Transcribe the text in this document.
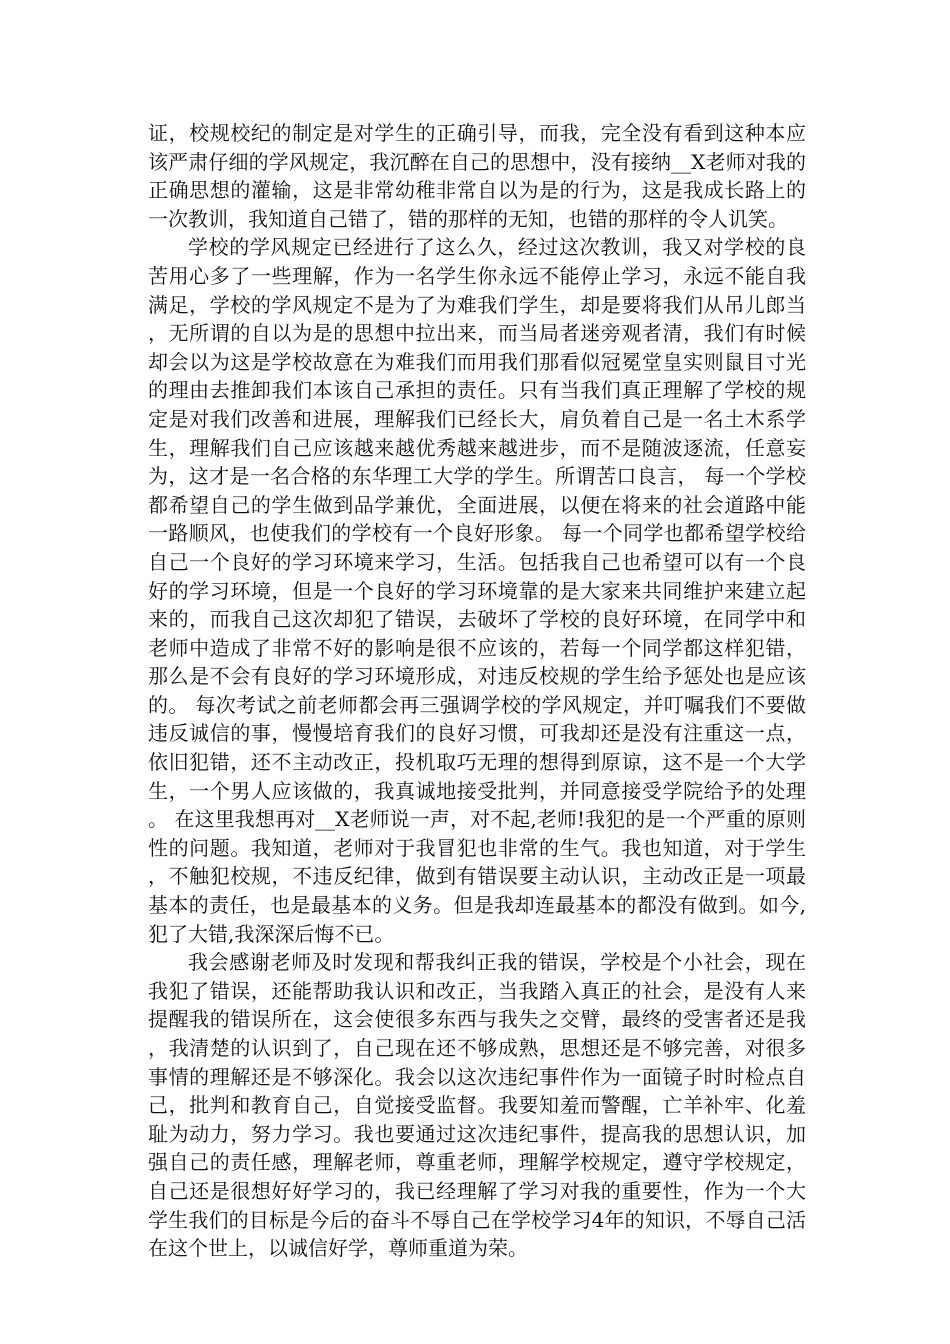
证，校规校纪的制定是对学生的正确引导，而我，完全没有看到这种本应该严肃仔细的学风规定，我沉醉在自己的思想中，没有接纳__X老师对我的正确思想的灌输，这是非常幼稚非常自以为是的行为，这是我成长路上的一次教训，我知道自己错了，错的那样的无知，也错的那样的令人讥笑。

学校的学风规定已经进行了这么久，经过这次教训，我又对学校的良苦用心多了一些理解，作为一名学生你永远不能停止学习，永远不能自我满足，学校的学风规定不是为了为难我们学生，却是要将我们从吊儿郎当，无所谓的自以为是的思想中拉出来，而当局者迷旁观者清，我们有时候却会以为这是学校故意在为难我们而用我们那看似冠冕堂皇实则鼠目寸光的理由去推卸我们本该自己承担的责任。只有当我们真正理解了学校的规定是对我们改善和进展，理解我们已经长大，肩负着自己是一名土木系学生，理解我们自己应该越来越优秀越来越进步，而不是随波逐流，任意妄为，这才是一名合格的东华理工大学的学生。所谓苦口良言， 每一个学校都希望自己的学生做到品学兼优，全面进展，以便在将来的社会道路中能一路顺风，也使我们的学校有一个良好形象。 每一个同学也都希望学校给自己一个良好的学习环境来学习，生活。包括我自己也希望可以有一个良好的学习环境，但是一个良好的学习环境靠的是大家来共同维护来建立起来的，而我自己这次却犯了错误，去破坏了学校的良好环境，在同学中和老师中造成了非常不好的影响是很不应该的，若每一个同学都这样犯错，那么是不会有良好的学习环境形成，对违反校规的学生给予惩处也是应该的。 每次考试之前老师都会再三强调学校的学风规定，并叮嘱我们不要做违反诚信的事，慢慢培育我们的良好习惯，可我却还是没有注重这一点，依旧犯错，还不主动改正，投机取巧无理的想得到原谅，这不是一个大学生，一个男人应该做的，我真诚地接受批判，并同意接受学院给予的处理。 在这里我想再对__X老师说一声，对不起,老师!我犯的是一个严重的原则性的问题。我知道，老师对于我冒犯也非常的生气。我也知道，对于学生，不触犯校规，不违反纪律，做到有错误要主动认识，主动改正是一项最基本的责任，也是最基本的义务。但是我却连最基本的都没有做到。如今,犯了大错,我深深后悔不已。

我会感谢老师及时发现和帮我纠正我的错误，学校是个小社会，现在我犯了错误，还能帮助我认识和改正，当我踏入真正的社会，是没有人来提醒我的错误所在，这会使很多东西与我失之交臂，最终的受害者还是我，我清楚的认识到了，自己现在还不够成熟，思想还是不够完善，对很多事情的理解还是不够深化。我会以这次违纪事件作为一面镜子时时检点自己，批判和教育自己，自觉接受监督。我要知羞而警醒，亡羊补牢、化羞耻为动力，努力学习。我也要通过这次违纪事件，提高我的思想认识，加强自己的责任感，理解老师，尊重老师，理解学校规定，遵守学校规定，自己还是很想好好学习的，我已经理解了学习对我的重要性，作为一个大学生我们的目标是今后的奋斗不辱自己在学校学习4年的知识，不辱自己活在这个世上，以诚信好学，尊师重道为荣。
